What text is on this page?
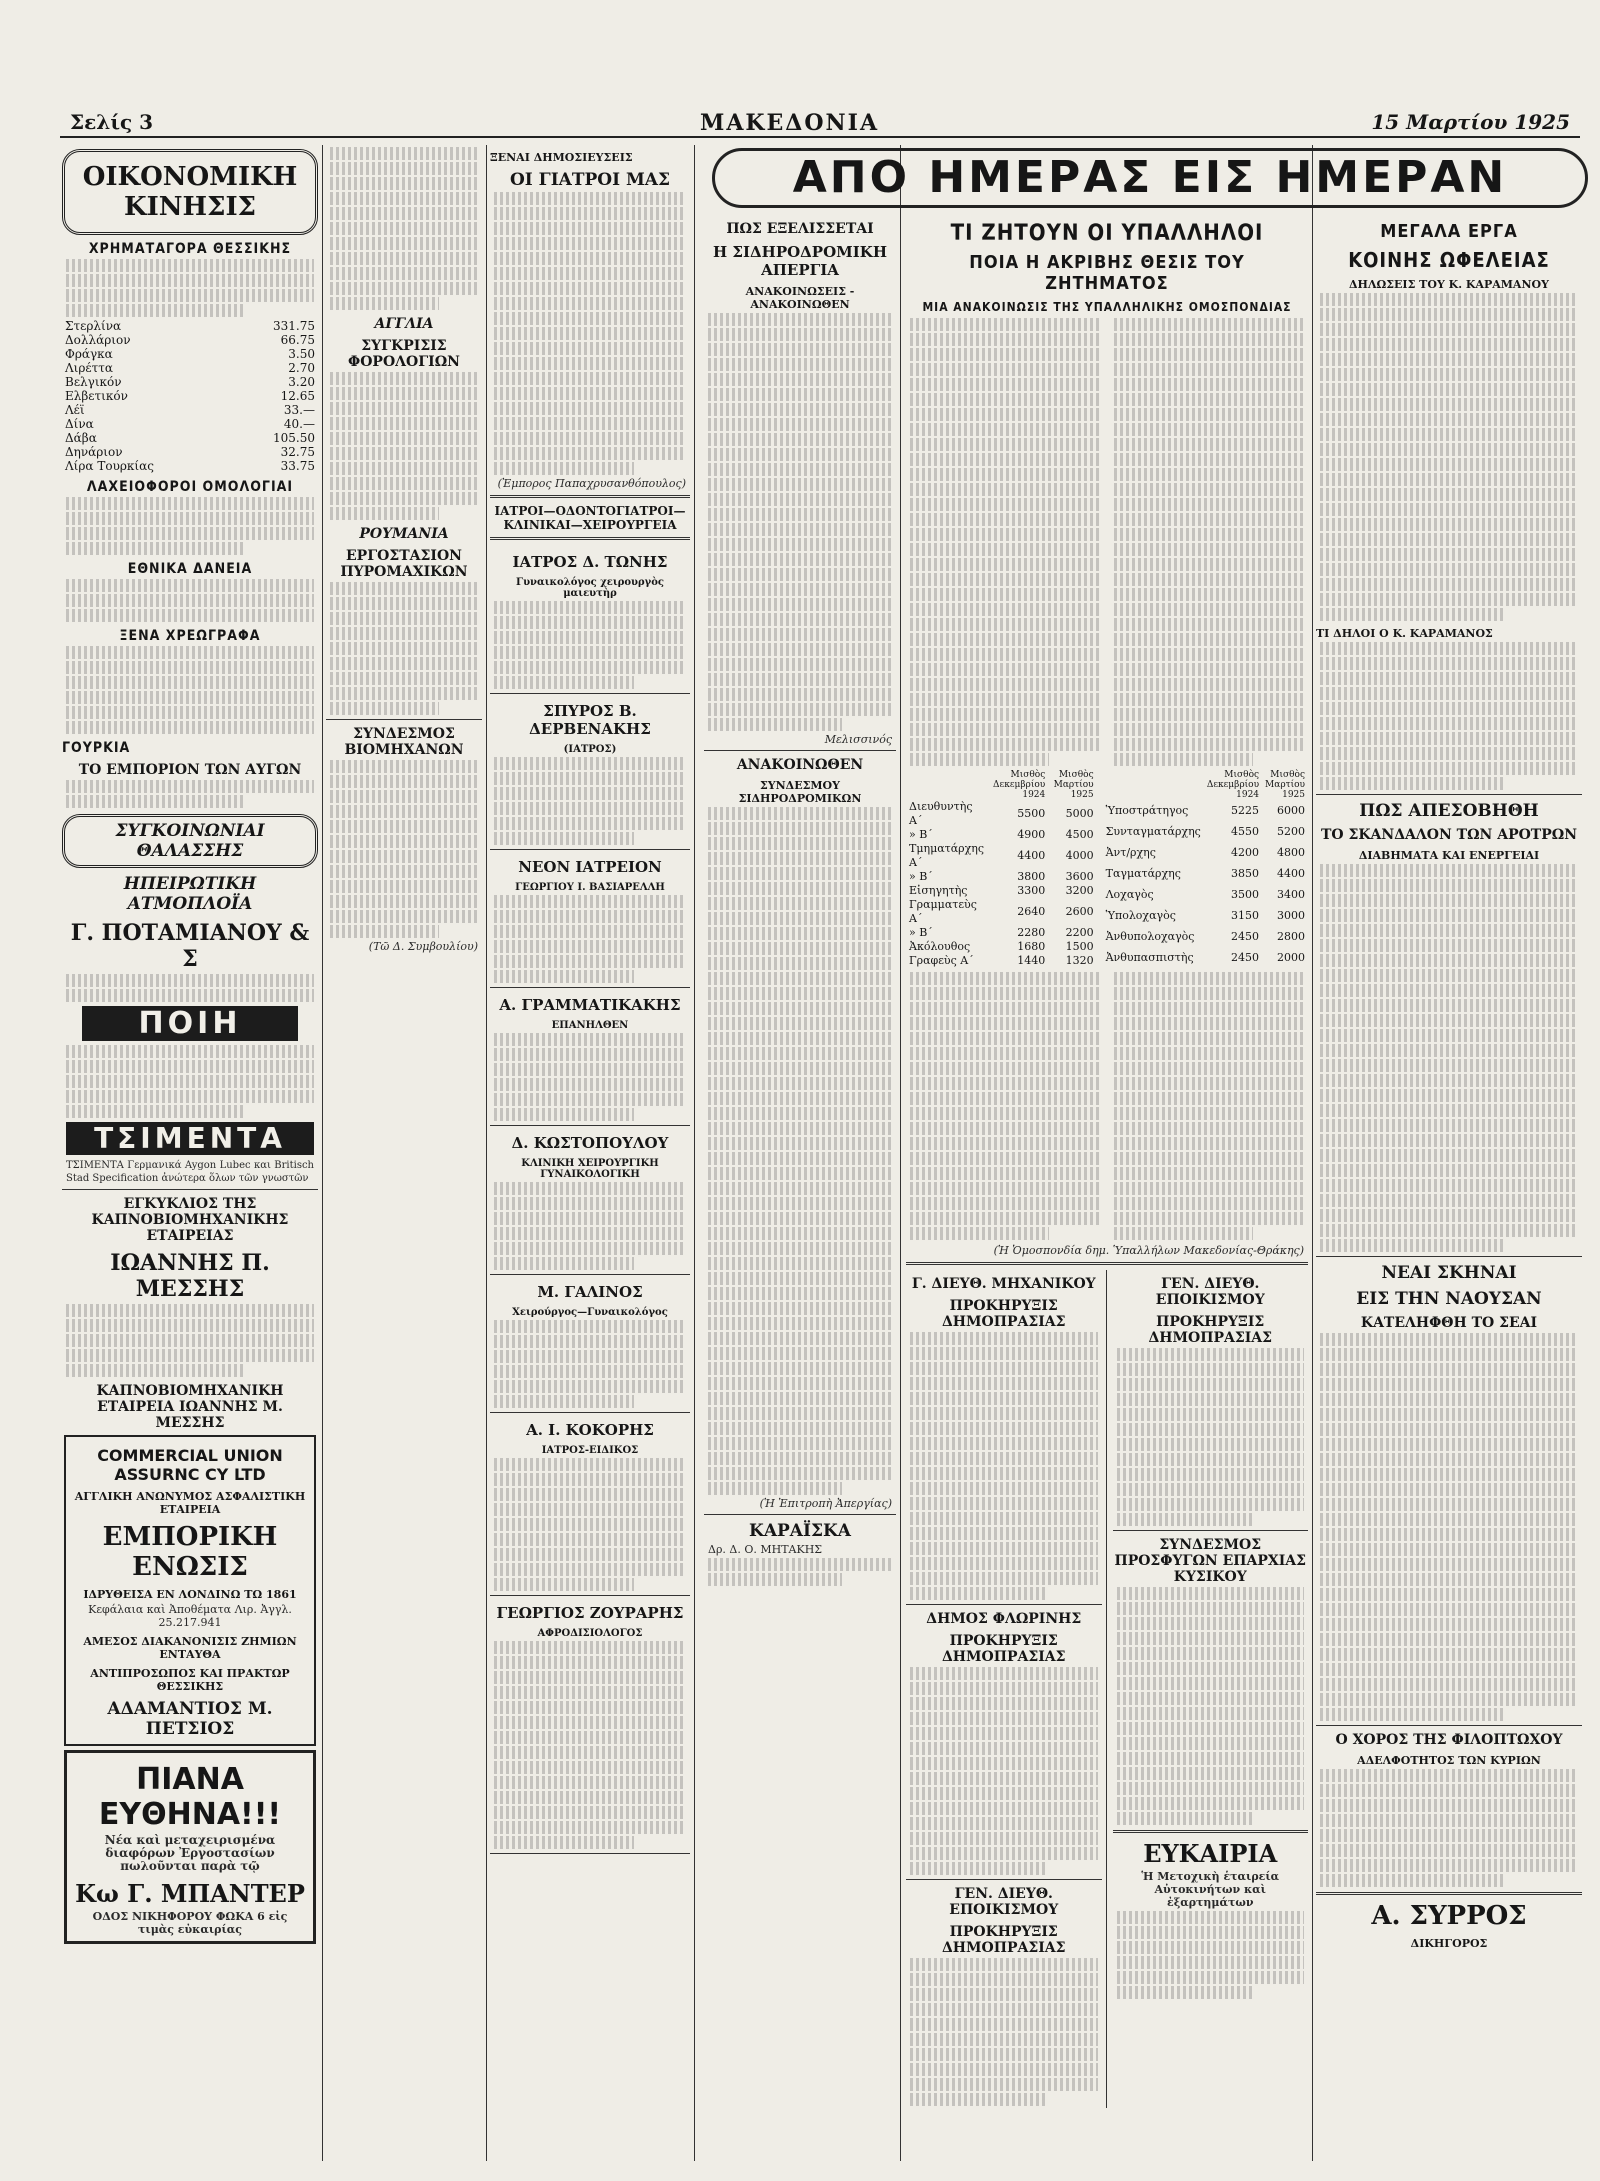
Σελίς 3	ΜΑΚΕΔΟΝΙΑ	15 Μαρτίου 1925
ΑΠΟ ΗΜΕΡΑΣ ΕΙΣ ΗΜΕΡΑΝ
ΟΙΚΟΝΟΜΙΚΗ ΚΙΝΗΣΙΣ
ΧΡΗΜΑΤΑΓΟΡΑ ΘΕΣΣΙΚΗΣ
Στερλίνα	331.75
Δολλάριον	66.75
Φράγκα	3.50
Λιρέττα	2.70
Βελγικόν	3.20
Ελβετικόν	12.65
Λέϊ	33.—
Δίνα	40.—
Δάβα	105.50
Δηνάριον	32.75
Λίρα Τουρκίας	33.75
ΛΑΧΕΙΟΦΟΡΟΙ ΟΜΟΛΟΓΙΑΙ
ΕΘΝΙΚΑ ΔΑΝΕΙΑ
ΞΕΝΑ ΧΡΕΩΓΡΑΦΑ
ΓΟΥΡΚΙΑ
ΤΟ ΕΜΠΟΡΙΟΝ ΤΩΝ ΑΥΓΩΝ
ΣΥΓΚΟΙΝΩΝΙΑΙ ΘΑΛΑΣΣΗΣ
ΗΠΕΙΡΩΤΙΚΗ ΑΤΜΟΠΛΟΪΑ
Γ. ΠΟΤΑΜΙΑΝΟΥ & Σ
ΠΟΙΗ
ΤΣΙΜΕΝΤΑ
ΤΣΙΜΕΝΤΑ Γερμανικά Aygon Lubec και Britisch Stad Specification ἀνώτερα ὅλων τῶν γνωστῶν
ΕΓΚΥΚΛΙΟΣ ΤΗΣ ΚΑΠΝΟΒΙΟΜΗΧΑΝΙΚΗΣ ΕΤΑΙΡΕΙΑΣ
ΙΩΑΝΝΗΣ Π. ΜΕΣΣΗΣ
ΚΑΠΝΟΒΙΟΜΗΧΑΝΙΚΗ ΕΤΑΙΡΕΙΑ ΙΩΑΝΝΗΣ Μ. ΜΕΣΣΗΣ
COMMERCIAL UNION ASSURNC CY LTD
ΑΓΓΛΙΚΗ ΑΝΩΝΥΜΟΣ ΑΣΦΑΛΙΣΤΙΚΗ ΕΤΑΙΡΕΙΑ
ΕΜΠΟΡΙΚΗ ΕΝΩΣΙΣ
ΙΔΡΥΘΕΙΣΑ ΕΝ ΛΟΝΔΙΝΩ ΤΩ 1861
Κεφάλαια καὶ Ἀποθέματα Λιρ. Ἀγγλ. 25.217.941
ΑΜΕΣΟΣ ΔΙΑΚΑΝΟΝΙΣΙΣ ΖΗΜΙΩΝ ΕΝΤΑΥΘΑ
ΑΝΤΙΠΡΟΣΩΠΟΣ ΚΑΙ ΠΡΑΚΤΩΡ ΘΕΣΣΙΚΗΣ
ΑΔΑΜΑΝΤΙΟΣ Μ. ΠΕΤΣΙΟΣ
ΠΙΑΝΑ ΕΥΘΗΝΑ!!!
Νέα καὶ μεταχειρισμένα διαφόρων Ἐργοστασίων πωλοῦνται παρὰ τῷ
Κω Γ. ΜΠΑΝΤΕΡ
ΟΔΟΣ ΝΙΚΗΦΟΡΟΥ ΦΩΚΑ 6 εἰς τιμὰς εὐκαιρίας
ΑΓΓΛΙΑ
ΣΥΓΚΡΙΣΙΣ ΦΟΡΟΛΟΓΙΩΝ
ΡΟΥΜΑΝΙΑ
ΕΡΓΟΣΤΑΣΙΟΝ ΠΥΡΟΜΑΧΙΚΩΝ
ΣΥΝΔΕΣΜΟΣ ΒΙΟΜΗΧΑΝΩΝ
(Τῶ Δ. Συμβουλίου)
ΞΕΝΑΙ ΔΗΜΟΣΙΕΥΣΕΙΣ
ΟΙ ΓΙΑΤΡΟΙ ΜΑΣ
(Ἐμπορος Παπαχρυσανθόπουλος)
ΙΑΤΡΟΙ—ΟΔΟΝΤΟΓΙΑΤΡΟΙ—ΚΛΙΝΙΚΑΙ—ΧΕΙΡΟΥΡΓΕΙΑ
ΙΑΤΡΟΣ Δ. ΤΩΝΗΣ
Γυναικολόγος χειρουργὸς μαιευτὴρ
ΣΠΥΡΟΣ Β. ΔΕΡΒΕΝΑΚΗΣ
(ΙΑΤΡΟΣ)
ΝΕΟΝ ΙΑΤΡΕΙΟΝ
ΓΕΩΡΓΙΟΥ Ι. ΒΑΣΙΑΡΕΛΛΗ
Α. ΓΡΑΜΜΑΤΙΚΑΚΗΣ
ΕΠΑΝΗΛΘΕΝ
Δ. ΚΩΣΤΟΠΟΥΛΟΥ
ΚΛΙΝΙΚΗ ΧΕΙΡΟΥΡΓΙΚΗ ΓΥΝΑΙΚΟΛΟΓΙΚΗ
Μ. ΓΑΛΙΝΟΣ
Χειρούργος—Γυναικολόγος
Α. Ι. ΚΟΚΟΡΗΣ
ΙΑΤΡΟΣ-ΕΙΔΙΚΟΣ
ΓΕΩΡΓΙΟΣ ΖΟΥΡΑΡΗΣ
ΑΦΡΟΔΙΣΙΟΛΟΓΟΣ
ΠΩΣ ΕΞΕΛΙΣΣΕΤΑΙ
Η ΣΙΔΗΡΟΔΡΟΜΙΚΗ ΑΠΕΡΓΙΑ
ΑΝΑΚΟΙΝΩΣΕΙΣ - ΑΝΑΚΟΙΝΩΘΕΝ
Μελισσινός
ΑΝΑΚΟΙΝΩΘΕΝ
ΣΥΝΔΕΣΜΟΥ ΣΙΔΗΡΟΔΡΟΜΙΚΩΝ
(Ἡ Ἐπιτροπὴ Ἀπεργίας)
ΚΑΡΑΪΣΚΑ
Δρ. Δ. Ο. ΜΗΤΑΚΗΣ
ΤΙ ΖΗΤΟΥΝ ΟΙ ΥΠΑΛΛΗΛΟΙ
ΠΟΙΑ Η ΑΚΡΙΒΗΣ ΘΕΣΙΣ ΤΟΥ ΖΗΤΗΜΑΤΟΣ
ΜΙΑ ΑΝΑΚΟΙΝΩΣΙΣ ΤΗΣ ΥΠΑΛΛΗΛΙΚΗΣ ΟΜΟΣΠΟΝΔΙΑΣ
	Μισθὸς Δεκεμβρίου 1924	Μισθὸς Μαρτίου 1925
Διευθυντὴς Α΄	5500	5000
» Β΄	4900	4500
Τμηματάρχης Α΄	4400	4000
» Β΄	3800	3600
Εἰσηγητὴς	3300	3200
Γραμματεὺς Α΄	2640	2600
» Β΄	2280	2200
Ἀκόλουθος	1680	1500
Γραφεὺς Α΄	1440	1320
	Μισθὸς Δεκεμβρίου 1924	Μισθὸς Μαρτίου 1925
Ὑποστράτηγος	5225	6000
Συνταγματάρχης	4550	5200
Ἀντ/ρχης	4200	4800
Ταγματάρχης	3850	4400
Λοχαγὸς	3500	3400
Ὑπολοχαγὸς	3150	3000
Ἀνθυπολοχαγὸς	2450	2800
Ἀνθυπασπιστὴς	2450	2000
(Ἡ Ὁμοσπονδία δημ. Ὑπαλλήλων Μακεδονίας-Θράκης)
Γ. ΔΙΕΥΘ. ΜΗΧΑΝΙΚΟΥ
ΠΡΟΚΗΡΥΞΙΣ ΔΗΜΟΠΡΑΣΙΑΣ
ΔΗΜΟΣ ΦΛΩΡΙΝΗΣ
ΠΡΟΚΗΡΥΞΙΣ ΔΗΜΟΠΡΑΣΙΑΣ
ΓΕΝ. ΔΙΕΥΘ. ΕΠΟΙΚΙΣΜΟΥ
ΠΡΟΚΗΡΥΞΙΣ ΔΗΜΟΠΡΑΣΙΑΣ
ΓΕΝ. ΔΙΕΥΘ. ΕΠΟΙΚΙΣΜΟΥ
ΠΡΟΚΗΡΥΞΙΣ ΔΗΜΟΠΡΑΣΙΑΣ
ΣΥΝΔΕΣΜΟΣ ΠΡΟΣΦΥΓΩΝ ΕΠΑΡΧΙΑΣ ΚΥΣΙΚΟΥ
ΕΥΚΑΙΡΙΑ
Ἡ Μετοχικὴ ἑταιρεία Αὐτοκινήτων καὶ ἐξαρτημάτων
ΜΕΓΑΛΑ ΕΡΓΑ
ΚΟΙΝΗΣ ΩΦΕΛΕΙΑΣ
ΔΗΛΩΣΕΙΣ ΤΟΥ Κ. ΚΑΡΑΜΑΝΟΥ
ΤΙ ΔΗΛΟΙ Ο Κ. ΚΑΡΑΜΑΝΟΣ
ΠΩΣ ΑΠΕΣΟΒΗΘΗ
ΤΟ ΣΚΑΝΔΑΛΟΝ ΤΩΝ ΑΡΟΤΡΩΝ
ΔΙΑΒΗΜΑΤΑ ΚΑΙ ΕΝΕΡΓΕΙΑΙ
ΝΕΑΙ ΣΚΗΝΑΙ
ΕΙΣ ΤΗΝ ΝΑΟΥΣΑΝ
ΚΑΤΕΛΗΦΘΗ ΤΟ ΣΕΑΙ
Ο ΧΟΡΟΣ ΤΗΣ ΦΙΛΟΠΤΩΧΟΥ
ΑΔΕΛΦΟΤΗΤΟΣ ΤΩΝ ΚΥΡΙΩΝ
Α. ΣΥΡΡΟΣ
ΔΙΚΗΓΟΡΟΣ
